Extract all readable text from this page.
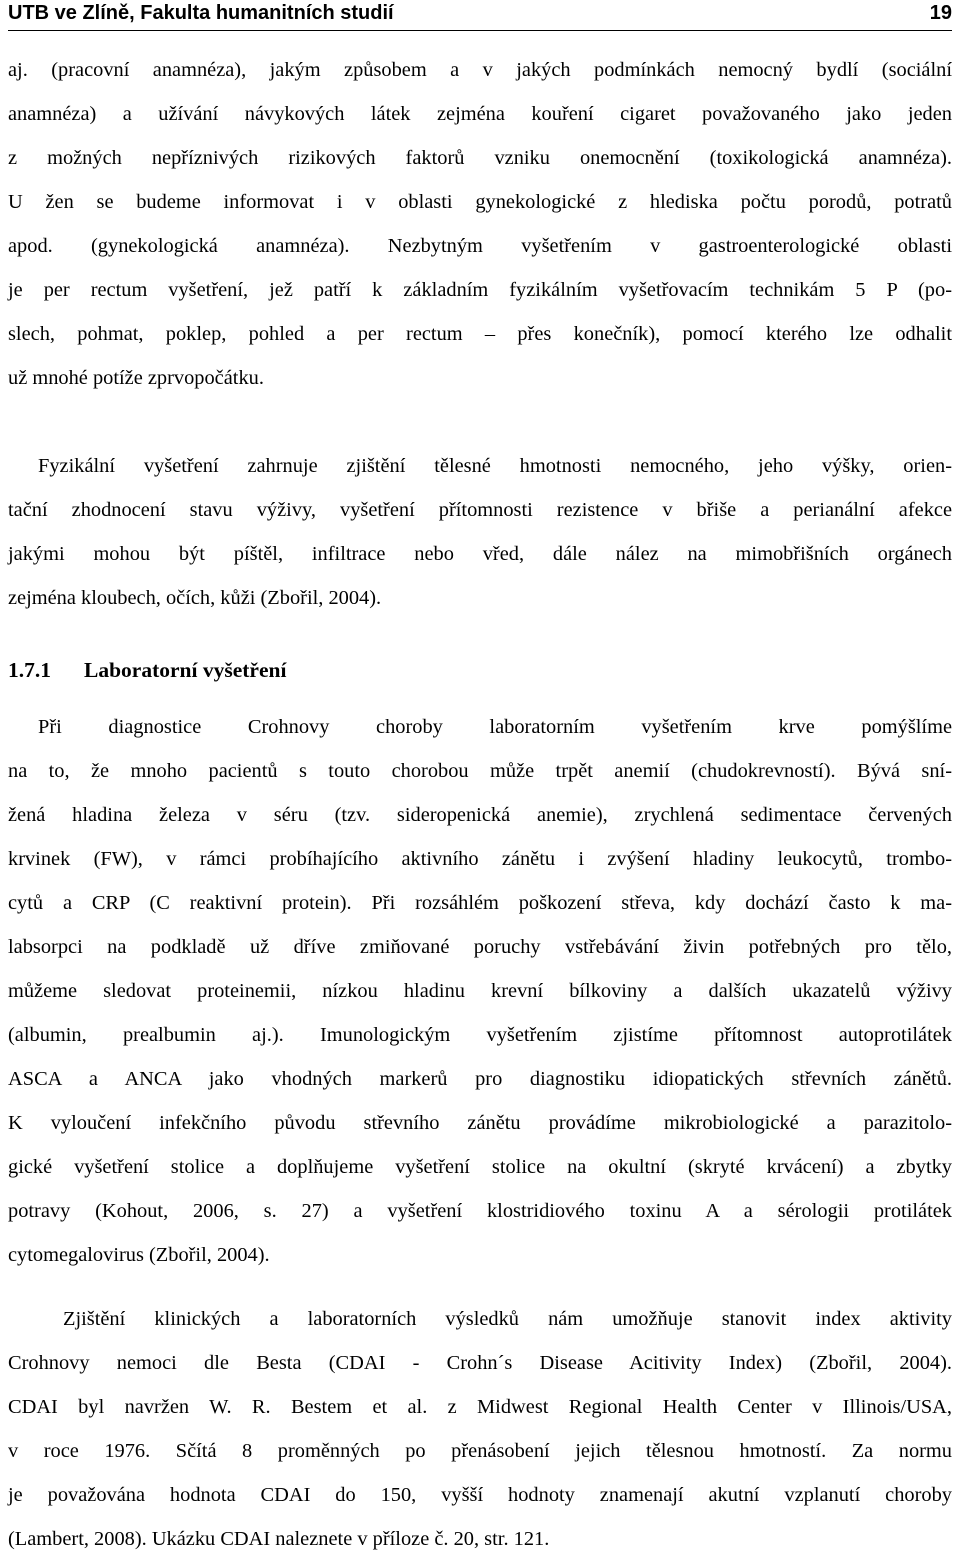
UTB ve Zlíně, Fakulta humanitních studií	19
aj. (pracovní anamnéza), jakým způsobem a v jakých podmínkách nemocný bydlí (sociální
anamnéza) a užívání návykových látek zejména kouření cigaret považovaného jako jeden
z možných nepříznivých rizikových faktorů vzniku onemocnění (toxikologická anamnéza).
U žen se budeme informovat i v oblasti gynekologické z hlediska počtu porodů, potratů
apod. (gynekologická anamnéza). Nezbytným vyšetřením v gastroenterologické oblasti
je per rectum vyšetření, jež patří k základním fyzikálním vyšetřovacím technikám 5 P (po-
slech, pohmat, poklep, pohled a per rectum – přes konečník), pomocí kterého lze odhalit
už mnohé potíže zprvopočátku.
Fyzikální vyšetření zahrnuje zjištění tělesné hmotnosti nemocného, jeho výšky, orien-
tační zhodnocení stavu výživy, vyšetření přítomnosti rezistence v břiše a perianální afekce
jakými mohou být píštěl, infiltrace nebo vřed, dále nález na mimobřišních orgánech
zejména kloubech, očích, kůži (Zbořil, 2004).
1.7.1 Laboratorní vyšetření
Při diagnostice Crohnovy choroby laboratorním vyšetřením krve pomýšlíme
na to, že mnoho pacientů s touto chorobou může trpět anemií (chudokrevností). Bývá sní-
žená hladina železa v séru (tzv. sideropenická anemie), zrychlená sedimentace červených
krvinek (FW), v rámci probíhajícího aktivního zánětu i zvýšení hladiny leukocytů, trombo-
cytů a CRP (C reaktivní protein). Při rozsáhlém poškození střeva, kdy dochází často k ma-
labsorpci na podkladě už dříve zmiňované poruchy vstřebávání živin potřebných pro tělo,
můžeme sledovat proteinemii, nízkou hladinu krevní bílkoviny a dalších ukazatelů výživy
(albumin, prealbumin aj.). Imunologickým vyšetřením zjistíme přítomnost autoprotilátek
ASCA a ANCA jako vhodných markerů pro diagnostiku idiopatických střevních zánětů.
K vyloučení infekčního původu střevního zánětu provádíme mikrobiologické a parazitolo-
gické vyšetření stolice a doplňujeme vyšetření stolice na okultní (skryté krvácení) a zbytky
potravy (Kohout, 2006, s. 27) a vyšetření klostridiového toxinu A a sérologii protilátek
cytomegalovirus (Zbořil, 2004).
Zjištění klinických a laboratorních výsledků nám umožňuje stanovit index aktivity
Crohnovy nemoci dle Besta (CDAI - Crohn´s Disease Acitivity Index) (Zbořil, 2004).
CDAI byl navržen W. R. Bestem et al. z Midwest Regional Health Center v Illinois/USA,
v roce 1976. Sčítá 8 proměnných po přenásobení jejich tělesnou hmotností. Za normu
je považována hodnota CDAI do 150, vyšší hodnoty znamenají akutní vzplanutí choroby
(Lambert, 2008). Ukázku CDAI naleznete v příloze č. 20, str. 121.
